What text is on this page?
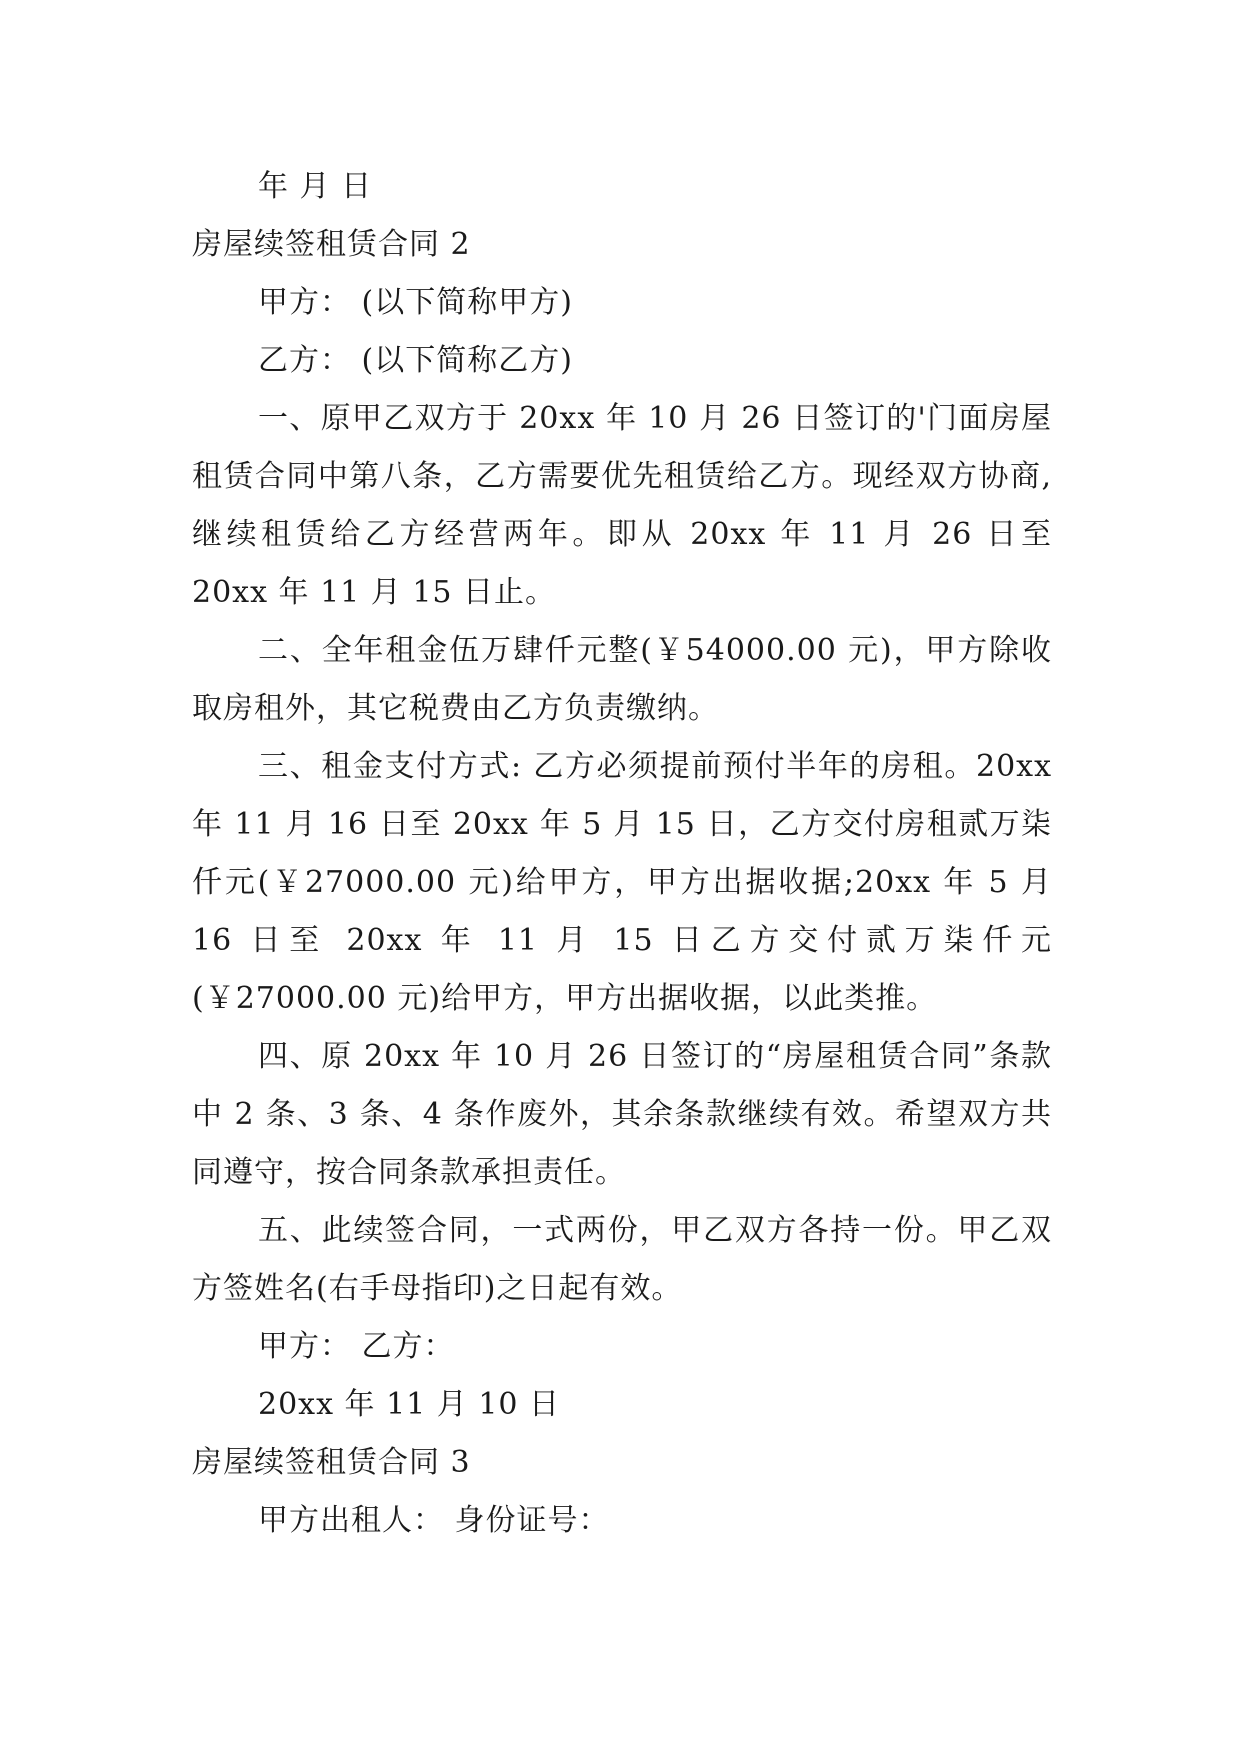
年 月 日
房屋续签租赁合同 2
甲方： (以下简称甲方)
乙方： (以下简称乙方)
一、原甲乙双方于 20xx 年 10 月 26 日签订的'门面房屋租赁合同中第八条，乙方需要优先租赁给乙方。现经双方协商,继续租赁给乙方经营两年。即从 20xx 年 11 月 26 日至 20xx 年 11 月 15 日止。
二、全年租金伍万肆仟元整(￥54000.00 元)，甲方除收取房租外，其它税费由乙方负责缴纳。
三、租金支付方式: 乙方必须提前预付半年的房租。20xx 年 11 月 16 日至 20xx 年 5 月 15 日，乙方交付房租贰万柒仟元(￥27000.00 元)给甲方，甲方出据收据;20xx 年 5 月 16 日至 20xx 年 11 月 15 日乙方交付贰万柒仟元(￥27000.00 元)给甲方，甲方出据收据，以此类推。
四、原 20xx 年 10 月 26 日签订的“房屋租赁合同”条款中 2 条、3 条、4 条作废外，其余条款继续有效。希望双方共同遵守，按合同条款承担责任。
五、此续签合同，一式两份，甲乙双方各持一份。甲乙双方签姓名(右手母指印)之日起有效。
甲方： 乙方：
20xx 年 11 月 10 日
房屋续签租赁合同 3
甲方出租人： 身份证号：
